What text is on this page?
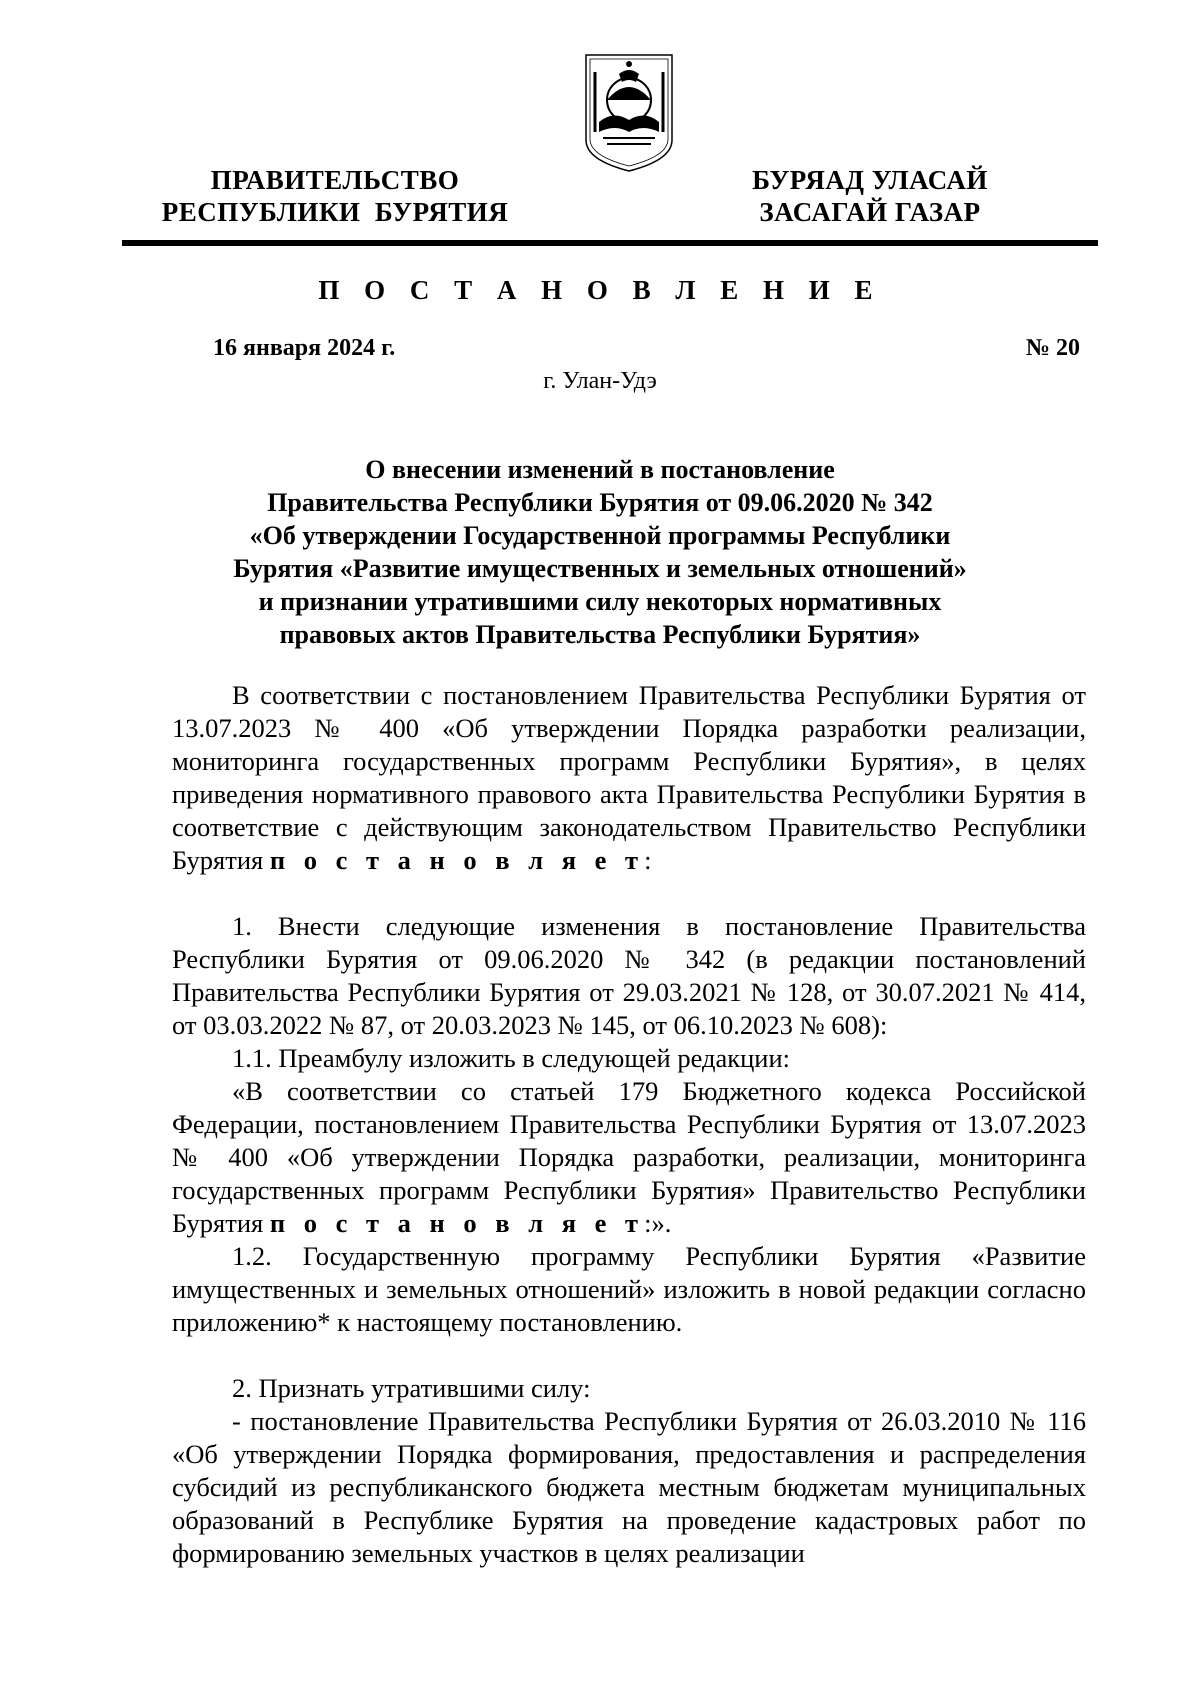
ПРАВИТЕЛЬСТВО
РЕСПУБЛИКИ  БУРЯТИЯ
БУРЯАД УЛАСАЙ
ЗАСАГАЙ ГАЗАР
П О С Т А Н О В Л Е Н И Е
16 января 2024 г.	№ 20
г. Улан-Удэ
О внесении изменений в постановление
Правительства Республики Бурятия от 09.06.2020 № 342
«Об утверждении Государственной программы Республики
Бурятия «Развитие имущественных и земельных отношений»
и признании утратившими силу некоторых нормативных
правовых актов Правительства Республики Бурятия»

В соответствии с постановлением Правительства Республики Бурятия от 13.07.2023 № 400 «Об утверждении Порядка разработки реализации, мониторинга государственных программ Республики Бурятия», в целях приведения нормативного правового акта Правительства Республики Бурятия в соответствие с действующим законодательством Правительство Республики Бурятия п о с т а н о в л я е т:

1. Внести следующие изменения в постановление Правительства Республики Бурятия от 09.06.2020 № 342 (в редакции постановлений Правительства Республики Бурятия от 29.03.2021 № 128, от 30.07.2021 № 414, от 03.03.2022 № 87, от 20.03.2023 № 145, от 06.10.2023 № 608):

1.1. Преамбулу изложить в следующей редакции:

«В соответствии со статьей 179 Бюджетного кодекса Российской Федерации, постановлением Правительства Республики Бурятия от 13.07.2023 № 400 «Об утверждении Порядка разработки, реализации, мониторинга государственных программ Республики Бурятия» Правительство Республики Бурятия п о с т а н о в л я е т:».

1.2. Государственную программу Республики Бурятия «Развитие имущественных и земельных отношений» изложить в новой редакции согласно приложению* к настоящему постановлению.

2. Признать утратившими силу:

- постановление Правительства Республики Бурятия от 26.03.2010 № 116 «Об утверждении Порядка формирования, предоставления и распределения субсидий из республиканского бюджета местным бюджетам муниципальных образований в Республике Бурятия на проведение кадастровых работ по формированию земельных участков в целях реализации
